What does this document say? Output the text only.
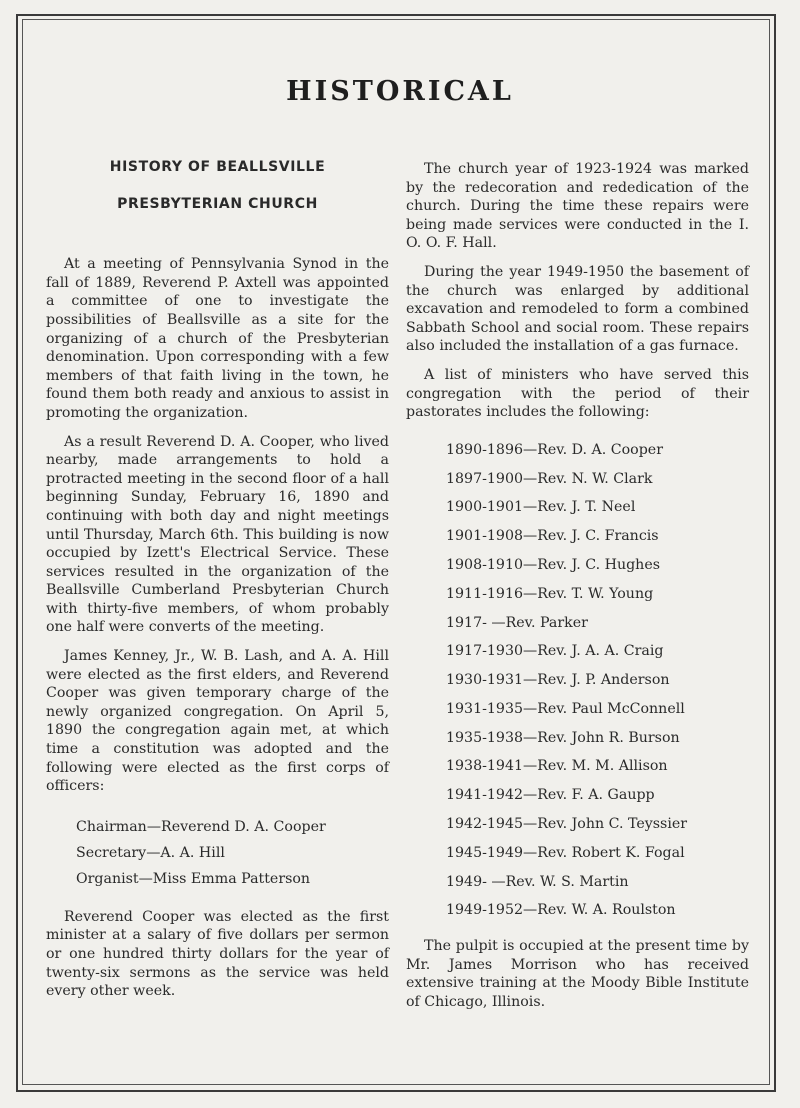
HISTORICAL
HISTORY OF BEALLSVILLE
PRESBYTERIAN CHURCH

At a meeting of Pennsylvania Synod in the fall of 1889, Reverend P. Axtell was appointed a committee of one to investigate the possibilities of Beallsville as a site for the organizing of a church of the Presbyterian denomination. Upon corresponding with a few members of that faith living in the town, he found them both ready and anxious to assist in promoting the organization.

As a result Reverend D. A. Cooper, who lived nearby, made arrangements to hold a protracted meeting in the second floor of a hall beginning Sunday, February 16, 1890 and continuing with both day and night meetings until Thursday, March 6th. This building is now occupied by Izett's Electrical Service. These services resulted in the organization of the Beallsville Cumberland Presbyterian Church with thirty-five members, of whom probably one half were converts of the meeting.

James Kenney, Jr., W. B. Lash, and A. A. Hill were elected as the first elders, and Reverend Cooper was given temporary charge of the newly organized congregation. On April 5, 1890 the congregation again met, at which time a constitution was adopted and the following were elected as the first corps of officers:

Chairman—Reverend D. A. Cooper
Secretary—A. A. Hill
Organist—Miss Emma Patterson

Reverend Cooper was elected as the first minister at a salary of five dollars per sermon or one hundred thirty dollars for the year of twenty-six sermons as the service was held every other week.

The church year of 1923-1924 was marked by the redecoration and rededication of the church. During the time these repairs were being made services were conducted in the I. O. O. F. Hall.

During the year 1949-1950 the basement of the church was enlarged by additional excavation and remodeled to form a combined Sabbath School and social room. These repairs also included the installation of a gas furnace.

A list of ministers who have served this congregation with the period of their pastorates includes the following:

1890-1896—Rev. D. A. Cooper
1897-1900—Rev. N. W. Clark
1900-1901—Rev. J. T. Neel
1901-1908—Rev. J. C. Francis
1908-1910—Rev. J. C. Hughes
1911-1916—Rev. T. W. Young
1917- —Rev. Parker
1917-1930—Rev. J. A. A. Craig
1930-1931—Rev. J. P. Anderson
1931-1935—Rev. Paul McConnell
1935-1938—Rev. John R. Burson
1938-1941—Rev. M. M. Allison
1941-1942—Rev. F. A. Gaupp
1942-1945—Rev. John C. Teyssier
1945-1949—Rev. Robert K. Fogal
1949- —Rev. W. S. Martin
1949-1952—Rev. W. A. Roulston

The pulpit is occupied at the present time by Mr. James Morrison who has received extensive training at the Moody Bible Institute of Chicago, Illinois.
